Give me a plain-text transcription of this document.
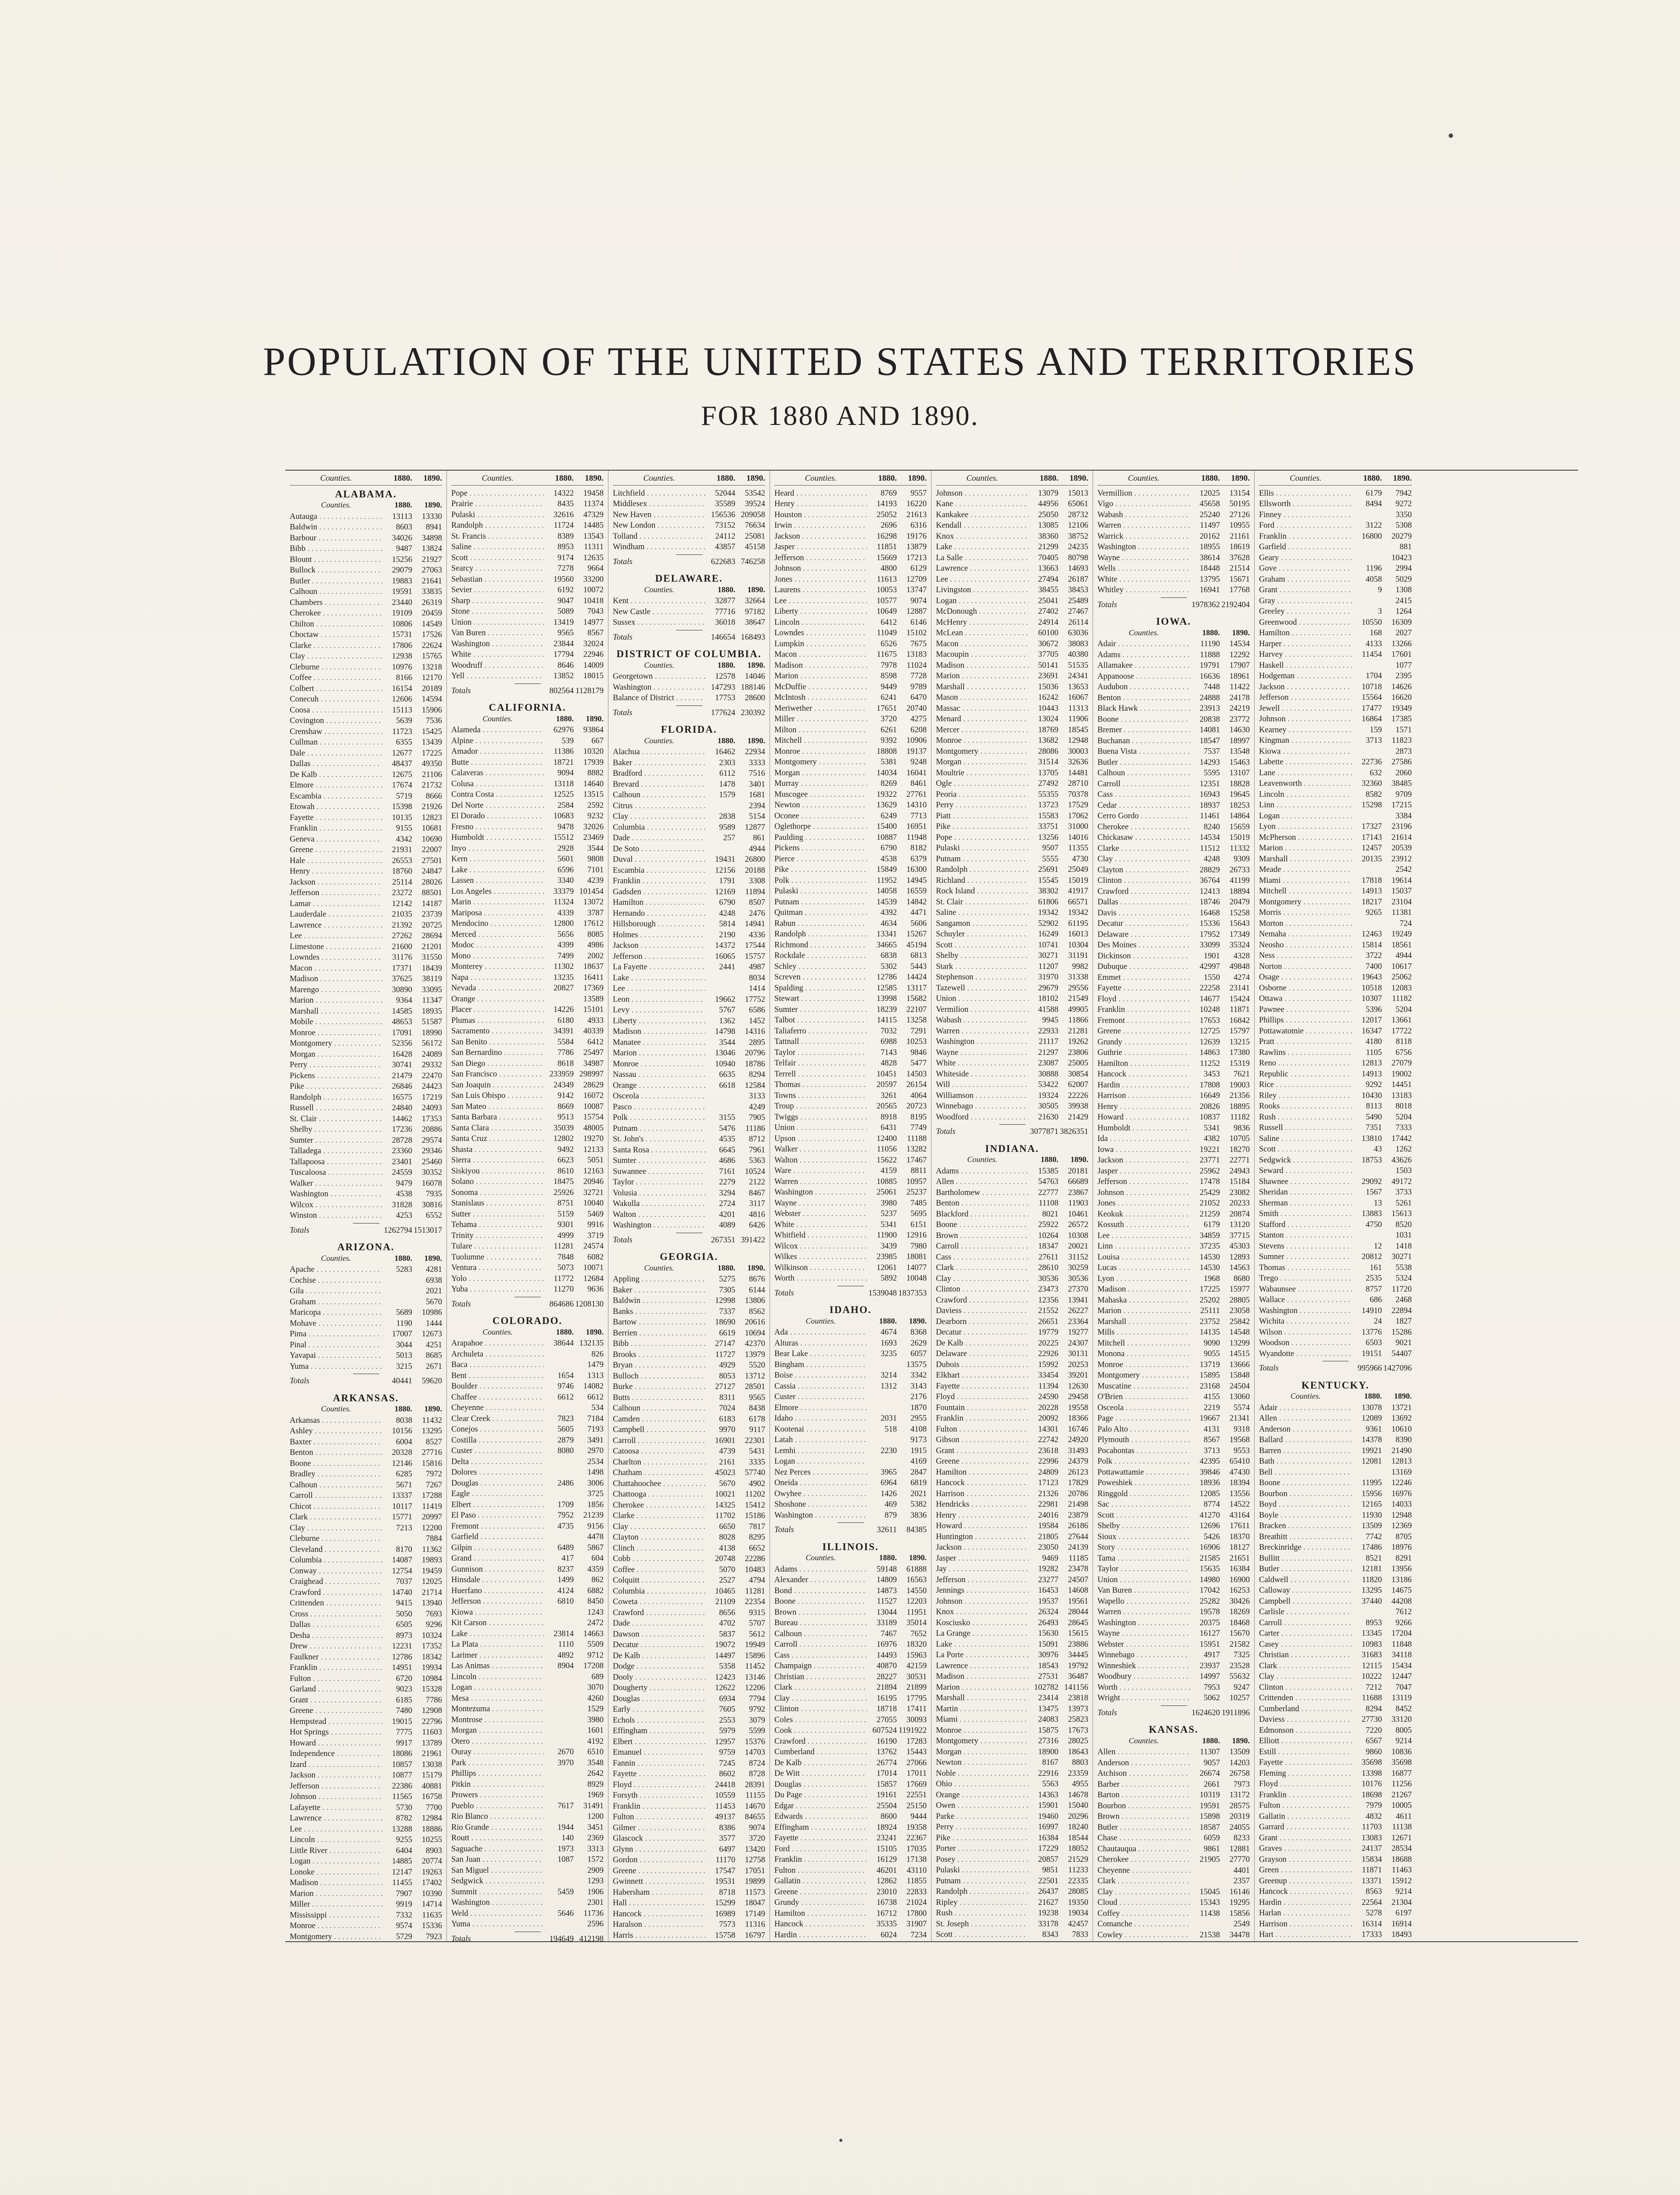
POPULATION OF THE UNITED STATES AND TERRITORIES
FOR 1880 AND 1890.
Counties.	1880.	1890.
ALABAMA.
Counties.	1880.	1890.
Autauga . . .	13113	13330
Baldwin . . .	8603	8941
Barbour . . .	34026	34898
Bibb . . .	9487	13824
Blount . . .	15256	21927
Bullock . . .	29079	27063
Butler . . .	19883	21641
Calhoun . . .	19591	33835
Chambers . . .	23440	26319
Cherokee . . .	19109	20459
Chilton . . .	10806	14549
Choctaw . . .	15731	17526
Clarke . . .	17806	22624
Clay . . .	12938	15765
Cleburne . . .	10976	13218
Coffee . . .	8166	12170
Colbert . . .	16154	20189
Conecuh . . .	12606	14594
Coosa . . .	15113	15906
Covington . . .	5639	7536
Crenshaw . . .	11723	15425
Cullman . . .	6355	13439
Dale . . .	12677	17225
Dallas . . .	48437	49350
De Kalb . . .	12675	21106
Elmore . . .	17674	21732
Escambia . . .	5719	8666
Etowah . . .	15398	21926
Fayette . . .	10135	12823
Franklin . . .	9155	10681
Geneva . . .	4342	10690
Greene . . .	21931	22007
Hale . . .	26553	27501
Henry . . .	18760	24847
Jackson . . .	25114	28026
Jefferson . . .	23272	88501
Lamar . . .	12142	14187
Lauderdale . . .	21035	23739
Lawrence . . .	21392	20725
Lee . . .	27262	28694
Limestone . . .	21600	21201
Lowndes . . .	31176	31550
Macon . . .	17371	18439
Madison . . .	37625	38119
Marengo . . .	30890	33095
Marion . . .	9364	11347
Marshall . . .	14585	18935
Mobile . . .	48653	51587
Monroe . . .	17091	18990
Montgomery . . .	52356	56172
Morgan . . .	16428	24089
Perry . . .	30741	29332
Pickens . . .	21479	22470
Pike . . .	26846	24423
Randolph . . .	16575	17219
Russell . . .	24840	24093
St. Clair . . .	14462	17353
Shelby . . .	17236	20886
Sumter . . .	28728	29574
Talladega . . .	23360	29346
Tallapoosa . . .	23401	25460
Tuscaloosa . . .	24559	30352
Walker . . .	9479	16078
Washington . . .	4538	7935
Wilcox . . .	31828	30816
Winston . . .	4253	6552
Totals	1262794 1513017
ARIZONA.
Counties.	1880.	1890.
Apache . . .	5283	4281
Cochise . . .	6938
Gila . . .	2021
Graham . . .	5670
Maricopa . . .	5689	10986
Mohave . . .	1190	1444
Pima . . .	17007	12673
Pinal . . .	3044	4251
Yavapai . . .	5013	8685
Yuma . . .	3215	2671
Totals	40441	59620
ARKANSAS.
Counties.	1880.	1890.
Arkansas . . .	8038	11432
Ashley . . .	10156	13295
Baxter . . .	6004	8527
Benton . . .	20328	27716
Boone . . .	12146	15816
Bradley . . .	6285	7972
Calhoun . . .	5671	7267
Carroll . . .	13337	17288
Chicot . . .	10117	11419
Clark . . .	15771	20997
Clay . . .	7213	12200
Cleburne . . .	7884
Cleveland . . .	8170	11362
Columbia . . .	14087	19893
Conway . . .	12754	19459
Craighead . . .	7037	12025
Crawford . . .	14740	21714
Crittenden . . .	9415	13940
Cross . . .	5050	7693
Dallas . . .	6505	9296
Desha . . .	8973	10324
Drew . . .	12231	17352
Faulkner . . .	12786	18342
Franklin . . .	14951	19934
Fulton . . .	6720	10984
Garland . . .	9023	15328
Grant . . .	6185	7786
Greene . . .	7480	12908
Hempstead . . .	19015	22796
Hot Springs . . .	7775	11603
Howard . . .	9917	13789
Independence . . .	18086	21961
Izard . . .	10857	13038
Jackson . . .	10877	15179
Jefferson . . .	22386	40881
Johnson . . .	11565	16758
Lafayette . . .	5730	7700
Lawrence . . .	8782	12984
Lee . . .	13288	18886
Lincoln . . .	9255	10255
Little River . . .	6404	8903
Logan . . .	14885	20774
Lonoke . . .	12147	19263
Madison . . .	11455	17402
Marion . . .	7907	10390
Miller . . .	9919	14714
Mississippi . . .	7332	11635
Monroe . . .	9574	15336
Montgomery . . .	5729	7923
Counties.	1880.	1890.
Pope . . .	14322	19458
Prairie . . .	8435	11374
Pulaski . . .	32616	47329
Randolph . . .	11724	14485
St. Francis . . .	8389	13543
Saline . . .	8953	11311
Scott . . .	9174	12635
Searcy . . .	7278	9664
Sebastian . . .	19560	33200
Sevier . . .	6192	10072
Sharp . . .	9047	10418
Stone . . .	5089	7043
Union . . .	13419	14977
Van Buren . . .	9565	8567
Washington . . .	23844	32024
White . . .	17794	22946
Woodruff . . .	8646	14009
Yell . . .	13852	18015
Totals	802564 1128179
CALIFORNIA.
Counties.	1880.	1890.
Alameda . . .	62976	93864
Alpine . . .	539	667
Amador . . .	11386	10320
Butte . . .	18721	17939
Calaveras . . .	9094	8882
Colusa . . .	13118	14640
Contra Costa . . .	12525	13515
Del Norte . . .	2584	2592
El Dorado . . .	10683	9232
Fresno . . .	9478	32026
Humboldt . . .	15512	23469
Inyo . . .	2928	3544
Kern . . .	5601	9808
Lake . . .	6596	7101
Lassen . . .	3340	4239
Los Angeles . . .	33379 101454
Marin . . .	11324	13072
Mariposa . . .	4339	3787
Mendocino . . .	12800	17612
Merced . . .	5656	8085
Modoc . . .	4399	4986
Mono . . .	7499	2002
Monterey . . .	11302	18637
Napa . . .	13235	16411
Nevada . . .	20827	17369
Orange . . .	13589
Placer . . .	14226	15101
Plumas . . .	6180	4933
Sacramento . . .	34391	40339
San Benito . . .	5584	6412
San Bernardino . . .	7786	25497
San Diego . . .	8618	34987
San Francisco . . .	233959 298997
San Joaquin . . .	24349	28629
San Luis Obispo . . .	9142	16072
San Mateo . . .	8669	10087
Santa Barbara . . .	9513	15754
Santa Clara . . .	35039	48005
Santa Cruz . . .	12802	19270
Shasta . . .	9492	12133
Sierra . . .	6623	5051
Siskiyou . . .	8610	12163
Solano . . .	18475	20946
Sonoma . . .	25926	32721
Stanislaus . . .	8751	10040
Sutter . . .	5159	5469
Tehama . . .	9301	9916
Trinity . . .	4999	3719
Tulare . . .	11281	24574
Tuolumne . . .	7848	6082
Ventura . . .	5073	10071
Yolo . . .	11772	12684
Yuba . . .	11270	9636
Totals	864686 1208130
COLORADO.
Counties.	1880.	1890.
Arapahoe . . .	38644 132135
Archuleta . . .	826
Baca . . .	1479
Bent . . .	1654	1313
Boulder . . .	9746	14082
Chaffee . . .	6612	6612
Cheyenne . . .	534
Clear Creek . . .	7823	7184
Conejos . . .	5605	7193
Costilla . . .	2879	3491
Custer . . .	8080	2970
Delta . . .	2534
Dolores . . .	1498
Douglas . . .	2486	3006
Eagle . . .	3725
Elbert . . .	1709	1856
El Paso . . .	7952	21239
Fremont . . .	4735	9156
Garfield . . .	4478
Gilpin . . .	6489	5867
Grand . . .	417	604
Gunnison . . .	8237	4359
Hinsdale . . .	1499	862
Huerfano . . .	4124	6882
Jefferson . . .	6810	8450
Kiowa . . .	1243
Kit Carson . . .	2472
Lake . . .	23814	14663
La Plata . . .	1110	5509
Larimer . . .	4892	9712
Las Animas . . .	8904	17208
Lincoln . . .	689
Logan . . .	3070
Mesa . . .	4260
Montezuma . . .	1529
Montrose . . .	3980
Morgan . . .	1601
Otero . . .	4192
Ouray . . .	2670	6510
Park . . .	3970	3548
Phillips . . .	2642
Pitkin . . .	8929
Prowers . . .	1969
Pueblo . . .	7617	31491
Rio Blanco . . .	1200
Rio Grande . . .	1944	3451
Routt . . .	140	2369
Saguache . . .	1973	3313
San Juan . . .	1087	1572
San Miguel . . .	2909
Sedgwick . . .	1293
Summit . . .	5459	1906
Washington . . .	2301
Weld . . .	5646	11736
Yuma . . .	2596
Totals	194649 412198
Counties.	1880.	1890.
Litchfield . . .	52044	53542
Middlesex . . .	35589	39524
New Haven . . .	156536 209058
New London . . .	73152	76634
Tolland . . .	24112	25081
Windham . . .	43857	45158
Totals	622683 746258
DELAWARE.
Counties.	1880.	1890.
Kent . . .	32877	32664
New Castle . . .	77716	97182
Sussex . . .	36018	38647
Totals	146654 168493
DISTRICT OF COLUMBIA.
Counties.	1880.	1890.
Georgetown . . .	12578	14046
Washington . . .	147293 188146
Balance of District . . .	17753	28600
Totals	177624 230392
FLORIDA.
Counties.	1880.	1890.
Alachua . . .	16462	22934
Baker . . .	2303	3333
Bradford . . .	6112	7516
Brevard . . .	1478	3401
Calhoun . . .	1579	1681
Citrus . . .	2394
Clay . . .	2838	5154
Columbia . . .	9589	12877
Dade . . .	257	861
De Soto . . .	4944
Duval . . .	19431	26800
Escambia . . .	12156	20188
Franklin . . .	1791	3308
Gadsden . . .	12169	11894
Hamilton . . .	6790	8507
Hernando . . .	4248	2476
Hillsborough . . .	5814	14941
Holmes . . .	2190	4336
Jackson . . .	14372	17544
Jefferson . . .	16065	15757
La Fayette . . .	2441	4987
Lake . . .	8034
Lee . . .	1414
Leon . . .	19662	17752
Levy . . .	5767	6586
Liberty . . .	1362	1452
Madison . . .	14798	14316
Manatee . . .	3544	2895
Marion . . .	13046	20796
Monroe . . .	10940	18786
Nassau . . .	6635	8294
Orange . . .	6618	12584
Osceola . . .	3133
Pasco . . .	4249
Polk . . .	3155	7905
Putnam . . .	5476	11186
St. John's . . .	4535	8712
Santa Rosa . . .	6645	7961
Sumter . . .	4686	5363
Suwannee . . .	7161	10524
Taylor . . .	2279	2122
Volusia . . .	3294	8467
Wakulla . . .	2724	3117
Walton . . .	4201	4816
Washington . . .	4089	6426
Totals	267351 391422
GEORGIA.
Counties.	1880.	1890.
Appling . . .	5275	8676
Baker . . .	7305	6144
Baldwin . . .	12998	13806
Banks . . .	7337	8562
Bartow . . .	18690	20616
Berrien . . .	6619	10694
Bibb . . .	27147	42370
Brooks . . .	11727	13979
Bryan . . .	4929	5520
Bulloch . . .	8053	13712
Burke . . .	27127	28501
Butts . . .	8311	9565
Calhoun . . .	7024	8438
Camden . . .	6183	6178
Campbell . . .	9970	9117
Carroll . . .	16901	22301
Catoosa . . .	4739	5431
Charlton . . .	2161	3335
Chatham . . .	45023	57740
Chattahoochee . . .	5670	4902
Chattooga . . .	10021	11202
Cherokee . . .	14325	15412
Clarke . . .	11702	15186
Clay . . .	6650	7817
Clayton . . .	8028	8295
Clinch . . .	4138	6652
Cobb . . .	20748	22286
Coffee . . .	5070	10483
Colquitt . . .	2527	4794
Columbia . . .	10465	11281
Coweta . . .	21109	22354
Crawford . . .	8656	9315
Dade . . .	4702	5707
Dawson . . .	5837	5612
Decatur . . .	19072	19949
De Kalb . . .	14497	15896
Dodge . . .	5358	11452
Dooly . . .	12423	13146
Dougherty . . .	12622	12206
Douglas . . .	6934	7794
Early . . .	7605	9792
Echols . . .	2553	3079
Effingham . . .	5979	5599
Elbert . . .	12957	15376
Emanuel . . .	9759	14703
Fannin . . .	7245	8724
Fayette . . .	8602	8728
Floyd . . .	24418	28391
Forsyth . . .	10559	11155
Franklin . . .	11453	14670
Fulton . . .	49137	84655
Gilmer . . .	8386	9074
Glascock . . .	3577	3720
Glynn . . .	6497	13420
Gordon . . .	11170	12758
Greene . . .	17547	17051
Gwinnett . . .	19531	19899
Habersham . . .	8718	11573
Hall . . .	15299	18047
Hancock . . .	16989	17149
Haralson . . .	7573	11316
Harris . . .	15758	16797
. . .
Counties.	1880.	1890.
Heard . . .	8769	9557
Henry . . .	14193	16220
Houston . . .	25052	21613
Irwin . . .	2696	6316
Jackson . . .	16298	19176
Jasper . . .	11851	13879
Jefferson . . .	15669	17213
Johnson . . .	4800	6129
Jones . . .	11613	12709
Laurens . . .	10053	13747
Lee . . .	10577	9074
Liberty . . .	10649	12887
Lincoln . . .	6412	6146
Lowndes . . .	11049	15102
Lumpkin . . .	6526	7675
Macon . . .	11675	13183
Madison . . .	7978	11024
Marion . . .	8598	7728
McDuffie . . .	9449	9789
McIntosh . . .	6241	6470
Meriwether . . .	17651	20740
Miller . . .	3720	4275
Milton . . .	6261	6208
Mitchell . . .	9392	10906
Monroe . . .	18808	19137
Montgomery . . .	5381	9248
Morgan . . .	14034	16041
Murray . . .	8269	8461
Muscogee . . .	19322	27761
Newton . . .	13629	14310
Oconee . . .	6249	7713
Oglethorpe . . .	15400	16951
Paulding . . .	10887	11948
Pickens . . .	6790	8182
Pierce . . .	4538	6379
Pike . . .	15849	16300
Polk . . .	11952	14945
Pulaski . . .	14058	16559
Putnam . . .	14539	14842
Quitman . . .	4392	4471
Rabun . . .	4634	5606
Randolph . . .	13341	15267
Richmond . . .	34665	45194
Rockdale . . .	6838	6813
Schley . . .	5302	5443
Screven . . .	12786	14424
Spalding . . .	12585	13117
Stewart . . .	13998	15682
Sumter . . .	18239	22107
Talbot . . .	14115	13258
Taliaferro . . .	7032	7291
Tattnall . . .	6988	10253
Taylor . . .	7143	9846
Telfair . . .	4828	5477
Terrell . . .	10451	14503
Thomas . . .	20597	26154
Towns . . .	3261	4064
Troup . . .	20565	20723
Twiggs . . .	8918	8195
Union . . .	6431	7749
Upson . . .	12400	11188
Walker . . .	11056	13282
Walton . . .	15622	17467
Ware . . .	4159	8811
Warren . . .	10885	10957
Washington . . .	25061	25237
Wayne . . .	3980	7485
Webster . . .	5237	5695
White . . .	5341	6151
Whitfield . . .	11900	12916
Wilcox . . .	3439	7980
Wilkes . . .	23985	18081
Wilkinson . . .	12061	14077
Worth . . .	5892	10048
Totals	1539048 1837353
IDAHO.
Counties.	1880.	1890.
Ada . . .	4674	8368
Alturas . . .	1693	2629
Bear Lake . . .	3235	6057
Bingham . . .	13575
Boise . . .	3214	3342
Cassia . . .	1312	3143
Custer . . .	2176
Elmore . . .	1870
Idaho . . .	2031	2955
Kootenai . . .	518	4108
Latah . . .	9173
Lemhi . . .	2230	1915
Logan . . .	4169
Nez Perces . . .	3965	2847
Oneida . . .	6964	6819
Owyhee . . .	1426	2021
Shoshone . . .	469	5382
Washington . . .	879	3836
Totals	32611	84385
ILLINOIS.
Counties.	1880.	1890.
Adams . . .	59148	61888
Alexander . . .	14809	16563
Bond . . .	14873	14550
Boone . . .	11527	12203
Brown . . .	13044	11951
Bureau . . .	33189	35014
Calhoun . . .	7467	7652
Carroll . . .	16976	18320
Cass . . .	14493	15963
Champaign . . .	40870	42159
Christian . . .	28227	30531
Clark . . .	21894	21899
Clay . . .	16195	17795
Clinton . . .	18718	17411
Coles . . .	27055	30093
Cook . . .	607524 1191922
Crawford . . .	16190	17283
Cumberland . . .	13762	15443
De Kalb . . .	26774	27066
De Witt . . .	17014	17011
Douglas . . .	15857	17669
Du Page . . .	19161	22551
Edgar . . .	25504	25150
Edwards . . .	8600	9444
Effingham . . .	18924	19358
Fayette . . .	23241	22367
Ford . . .	15105	17035
Franklin . . .	16129	17138
Fulton . . .	46201	43110
Gallatin . . .	12862	11855
Greene . . .	23010	22833
Grundy . . .	16738	21024
Hamilton . . .	16712	17800
Hancock . . .	35335	31907
Hardin . . .	6024	7234
. . .
Counties.	1880.	1890.
Johnson . . .	13079	15013
Kane . . .	44956	65061
Kankakee . . .	25050	28732
Kendall . . .	13085	12106
Knox . . .	38360	38752
Lake . . .	21299	24235
La Salle . . .	70405	80798
Lawrence . . .	13663	14693
Lee . . .	27494	26187
Livingston . . .	38455	38453
Logan . . .	25041	25489
McDonough . . .	27402	27467
McHenry . . .	24914	26114
McLean . . .	60100	63036
Macon . . .	30672	38083
Macoupin . . .	37705	40380
Madison . . .	50141	51535
Marion . . .	23691	24341
Marshall . . .	15036	13653
Mason . . .	16242	16067
Massac . . .	10443	11313
Menard . . .	13024	11906
Mercer . . .	18769	18545
Monroe . . .	13682	12948
Montgomery . . .	28086	30003
Morgan . . .	31514	32636
Moultrie . . .	13705	14481
Ogle . . .	27492	28710
Peoria . . .	55355	70378
Perry . . .	13723	17529
Piatt . . .	15583	17062
Pike . . .	33751	31000
Pope . . .	13256	14016
Pulaski . . .	9507	11355
Putnam . . .	5555	4730
Randolph . . .	25691	25049
Richland . . .	15545	15019
Rock Island . . .	38302	41917
St. Clair . . .	61806	66571
Saline . . .	19342	19342
Sangamon . . .	52902	61195
Schuyler . . .	16249	16013
Scott . . .	10741	10304
Shelby . . .	30271	31191
Stark . . .	11207	9982
Stephenson . . .	31970	31338
Tazewell . . .	29679	29556
Union . . .	18102	21549
Vermilion . . .	41588	49905
Wabash . . .	9945	11866
Warren . . .	22933	21281
Washington . . .	21117	19262
Wayne . . .	21297	23806
White . . .	23087	25005
Whiteside . . .	30888	30854
Will . . .	53422	62007
Williamson . . .	19324	22226
Winnebago . . .	30505	39938
Woodford . . .	21630	21429
Totals	3077871 3826351
INDIANA.
Counties.	1880.	1890.
Adams . . .	15385	20181
Allen . . .	54763	66689
Bartholomew . . .	22777	23867
Benton . . .	11108	11903
Blackford . . .	8021	10461
Boone . . .	25922	26572
Brown . . .	10264	10308
Carroll . . .	18347	20021
Cass . . .	27611	31152
Clark . . .	28610	30259
Clay . . .	30536	30536
Clinton . . .	23473	27370
Crawford . . .	12356	13941
Daviess . . .	21552	26227
Dearborn . . .	26651	23364
Decatur . . .	19779	19277
De Kalb . . .	20225	24307
Delaware . . .	22926	30131
Dubois . . .	15992	20253
Elkhart . . .	33454	39201
Fayette . . .	11394	12630
Floyd . . .	24590	29458
Fountain . . .	20228	19558
Franklin . . .	20092	18366
Fulton . . .	14301	16746
Gibson . . .	22742	24920
Grant . . .	23618	31493
Greene . . .	22996	24379
Hamilton . . .	24809	26123
Hancock . . .	17123	17829
Harrison . . .	21326	20786
Hendricks . . .	22981	21498
Henry . . .	24016	23879
Howard . . .	19584	26186
Huntington . . .	21805	27644
Jackson . . .	23050	24139
Jasper . . .	9469	11185
Jay . . .	19282	23478
Jefferson . . .	23277	24507
Jennings . . .	16453	14608
Johnson . . .	19537	19561
Knox . . .	26324	28044
Kosciusko . . .	26493	28645
La Grange . . .	15630	15615
Lake . . .	15091	23886
La Porte . . .	30976	34445
Lawrence . . .	18543	19792
Madison . . .	27531	36487
Marion . . .	102782 141156
Marshall . . .	23414	23818
Martin . . .	13475	13973
Miami . . .	24083	25823
Monroe . . .	15875	17673
Montgomery . . .	27316	28025
Morgan . . .	18900	18643
Newton . . .	8167	8803
Noble . . .	22916	23359
Ohio . . .	5563	4955
Orange . . .	14363	14678
Owen . . .	15901	15040
Parke . . .	19460	20296
Perry . . .	16997	18240
Pike . . .	16384	18544
Porter . . .	17229	18052
Posey . . .	20857	21529
Pulaski . . .	9851	11233
Putnam . . .	22501	22335
Randolph . . .	26437	28085
Ripley . . .	21627	19350
Rush . . .	19238	19034
St. Joseph . . .	33178	42457
Scott . . .	8343	7833
. . .
Counties.	1880.	1890.
Vermillion . . .	12025	13154
Vigo . . .	45658	50195
Wabash . . .	25240	27126
Warren . . .	11497	10955
Warrick . . .	20162	21161
Washington . . .	18955	18619
Wayne . . .	38614	37628
Wells . . .	18448	21514
White . . .	13795	15671
Whitley . . .	16941	17768
Totals	1978362 2192404
IOWA.
Counties.	1880.	1890.
Adair . . .	11190	14534
Adams . . .	11888	12292
Allamakee . . .	19791	17907
Appanoose . . .	16636	18961
Audubon . . .	7448	11422
Benton . . .	24888	24178
Black Hawk . . .	23913	24219
Boone . . .	20838	23772
Bremer . . .	14081	14630
Buchanan . . .	18547	18997
Buena Vista . . .	7537	13548
Butler . . .	14293	15463
Calhoun . . .	5595	13107
Carroll . . .	12351	18828
Cass . . .	16943	19645
Cedar . . .	18937	18253
Cerro Gordo . . .	11461	14864
Cherokee . . .	8240	15659
Chickasaw . . .	14534	15019
Clarke . . .	11512	11332
Clay . . .	4248	9309
Clayton . . .	28829	26733
Clinton . . .	36764	41199
Crawford . . .	12413	18894
Dallas . . .	18746	20479
Davis . . .	16468	15258
Decatur . . .	15336	15643
Delaware . . .	17952	17349
Des Moines . . .	33099	35324
Dickinson . . .	1901	4328
Dubuque . . .	42997	49848
Emmet . . .	1550	4274
Fayette . . .	22258	23141
Floyd . . .	14677	15424
Franklin . . .	10248	11871
Fremont . . .	17653	16842
Greene . . .	12725	15797
Grundy . . .	12639	13215
Guthrie . . .	14863	17380
Hamilton . . .	11252	15319
Hancock . . .	3453	7621
Hardin . . .	17808	19003
Harrison . . .	16649	21356
Henry . . .	20826	18895
Howard . . .	10837	11182
Humboldt . . .	5341	9836
Ida . . .	4382	10705
Iowa . . .	19221	18270
Jackson . . .	23771	22771
Jasper . . .	25962	24943
Jefferson . . .	17478	15184
Johnson . . .	25429	23082
Jones . . .	21052	20233
Keokuk . . .	21259	20874
Kossuth . . .	6179	13120
Lee . . .	34859	37715
Linn . . .	37235	45303
Louisa . . .	14530	12893
Lucas . . .	14530	14563
Lyon . . .	1968	8680
Madison . . .	17225	15977
Mahaska . . .	25202	28805
Marion . . .	25111	23058
Marshall . . .	23752	25842
Mills . . .	14135	14548
Mitchell . . .	9090	13299
Monona . . .	9055	14515
Monroe . . .	13719	13666
Montgomery . . .	15895	15848
Muscatine . . .	23168	24504
O'Brien . . .	4155	13060
Osceola . . .	2219	5574
Page . . .	19667	21341
Palo Alto . . .	4131	9318
Plymouth . . .	8567	19568
Pocahontas . . .	3713	9553
Polk . . .	42395	65410
Pottawattamie . . .	39846	47430
Poweshiek . . .	18936	18394
Ringgold . . .	12085	13556
Sac . . .	8774	14522
Scott . . .	41270	43164
Shelby . . .	12696	17611
Sioux . . .	5426	18370
Story . . .	16906	18127
Tama . . .	21585	21651
Taylor . . .	15635	16384
Union . . .	14980	16900
Van Buren . . .	17042	16253
Wapello . . .	25282	30426
Warren . . .	19578	18269
Washington . . .	20375	18468
Wayne . . .	16127	15670
Webster . . .	15951	21582
Winnebago . . .	4917	7325
Winneshiek . . .	23937	23528
Woodbury . . .	14997	55632
Worth . . .	7953	9247
Wright . . .	5062	10257
Totals	1624620 1911896
KANSAS.
Counties.	1880.	1890.
Allen . . .	11307	13509
Anderson . . .	9057	14203
Atchison . . .	26674	26758
Barber . . .	2661	7973
Barton . . .	10319	13172
Bourbon . . .	19591	28575
Brown . . .	15898	20319
Butler . . .	18587	24055
Chase . . .	6059	8233
Chautauqua . . .	9861	12881
Cherokee . . .	21905	27770
Cheyenne . . .	4401
Clark . . .	2357
Clay . . .	15045	16146
Cloud . . .	15343	19295
Coffey . . .	11438	15856
Comanche . . .	2549
Cowley . . .	21538	34478
. . .
Counties.	1880.	1890.
Ellis . . .	6179	7942
Ellsworth . . .	8494	9272
Finney . . .	3350
Ford . . .	3122	5308
Franklin . . .	16800	20279
Garfield . . .	881
Geary . . .	10423
Gove . . .	1196	2994
Graham . . .	4058	5029
Grant . . .	9	1308
Gray . . .	2415
Greeley . . .	3	1264
Greenwood . . .	10550	16309
Hamilton . . .	168	2027
Harper . . .	4133	13266
Harvey . . .	11454	17601
Haskell . . .	1077
Hodgeman . . .	1704	2395
Jackson . . .	10718	14626
Jefferson . . .	15564	16620
Jewell . . .	17477	19349
Johnson . . .	16864	17385
Kearney . . .	159	1571
Kingman . . .	3713	11823
Kiowa . . .	2873
Labette . . .	22736	27586
Lane . . .	632	2060
Leavenworth . . .	32360	38485
Lincoln . . .	8582	9709
Linn . . .	15298	17215
Logan . . .	3384
Lyon . . .	17327	23196
McPherson . . .	17143	21614
Marion . . .	12457	20539
Marshall . . .	20135	23912
Meade . . .	2542
Miami . . .	17818	19614
Mitchell . . .	14913	15037
Montgomery . . .	18217	23104
Morris . . .	9265	11381
Morton . . .	724
Nemaha . . .	12463	19249
Neosho . . .	15814	18561
Ness . . .	3722	4944
Norton . . .	7400	10617
Osage . . .	19643	25062
Osborne . . .	10518	12083
Ottawa . . .	10307	11182
Pawnee . . .	5396	5204
Phillips . . .	12017	13661
Pottawatomie . . .	16347	17722
Pratt . . .	4180	8118
Rawlins . . .	1105	6756
Reno . . .	12813	27079
Republic . . .	14913	19002
Rice . . .	9292	14451
Riley . . .	10430	13183
Rooks . . .	8113	8018
Rush . . .	5490	5204
Russell . . .	7351	7333
Saline . . .	13810	17442
Scott . . .	43	1262
Sedgwick . . .	18753	43626
Seward . . .	1503
Shawnee . . .	29092	49172
Sheridan . . .	1567	3733
Sherman . . .	13	5261
Smith . . .	13883	15613
Stafford . . .	4750	8520
Stanton . . .	1031
Stevens . . .	12	1418
Sumner . . .	20812	30271
Thomas . . .	161	5538
Trego . . .	2535	5324
Wabaunsee . . .	8757	11720
Wallace . . .	686	2468
Washington . . .	14910	22894
Wichita . . .	24	1827
Wilson . . .	13776	15286
Woodson . . .	6503	9021
Wyandotte . . .	19151	54407
Totals	995966 1427096
KENTUCKY.
Counties.	1880.	1890.
Adair . . .	13078	13721
Allen . . .	12089	13692
Anderson . . .	9361	10610
Ballard . . .	14378	8390
Barren . . .	19921	21490
Bath . . .	12081	12813
Bell . . .	13169
Boone . . .	11995	12246
Bourbon . . .	15956	16976
Boyd . . .	12165	14033
Boyle . . .	11930	12948
Bracken . . .	13509	12369
Breathitt . . .	7742	8705
Breckinridge . . .	17486	18976
Bullitt . . .	8521	8291
Butler . . .	12181	13956
Caldwell . . .	11820	13186
Calloway . . .	13295	14675
Campbell . . .	37440	44208
Carlisle . . .	7612
Carroll . . .	8953	9266
Carter . . .	13345	17204
Casey . . .	10983	11848
Christian . . .	31683	34118
Clark . . .	12115	15434
Clay . . .	10222	12447
Clinton . . .	7212	7047
Crittenden . . .	11688	13119
Cumberland . . .	8294	8452
Daviess . . .	27730	33120
Edmonson . . .	7220	8005
Elliott . . .	6567	9214
Estill . . .	9860	10836
Fayette . . .	35698	35698
Fleming . . .	13398	16877
Floyd . . .	10176	11256
Franklin . . .	18698	21267
Fulton . . .	7979	10005
Gallatin . . .	4832	4611
Garrard . . .	11703	11138
Grant . . .	13083	12671
Graves . . .	24137	28534
Grayson . . .	15834	18688
Green . . .	11871	11463
Greenup . . .	13371	15912
Hancock . . .	8563	9214
Hardin . . .	22564	21304
Harlan . . .	5278	6197
Harrison . . .	16314	16914
Hart . . .	17333	18493
. . .
